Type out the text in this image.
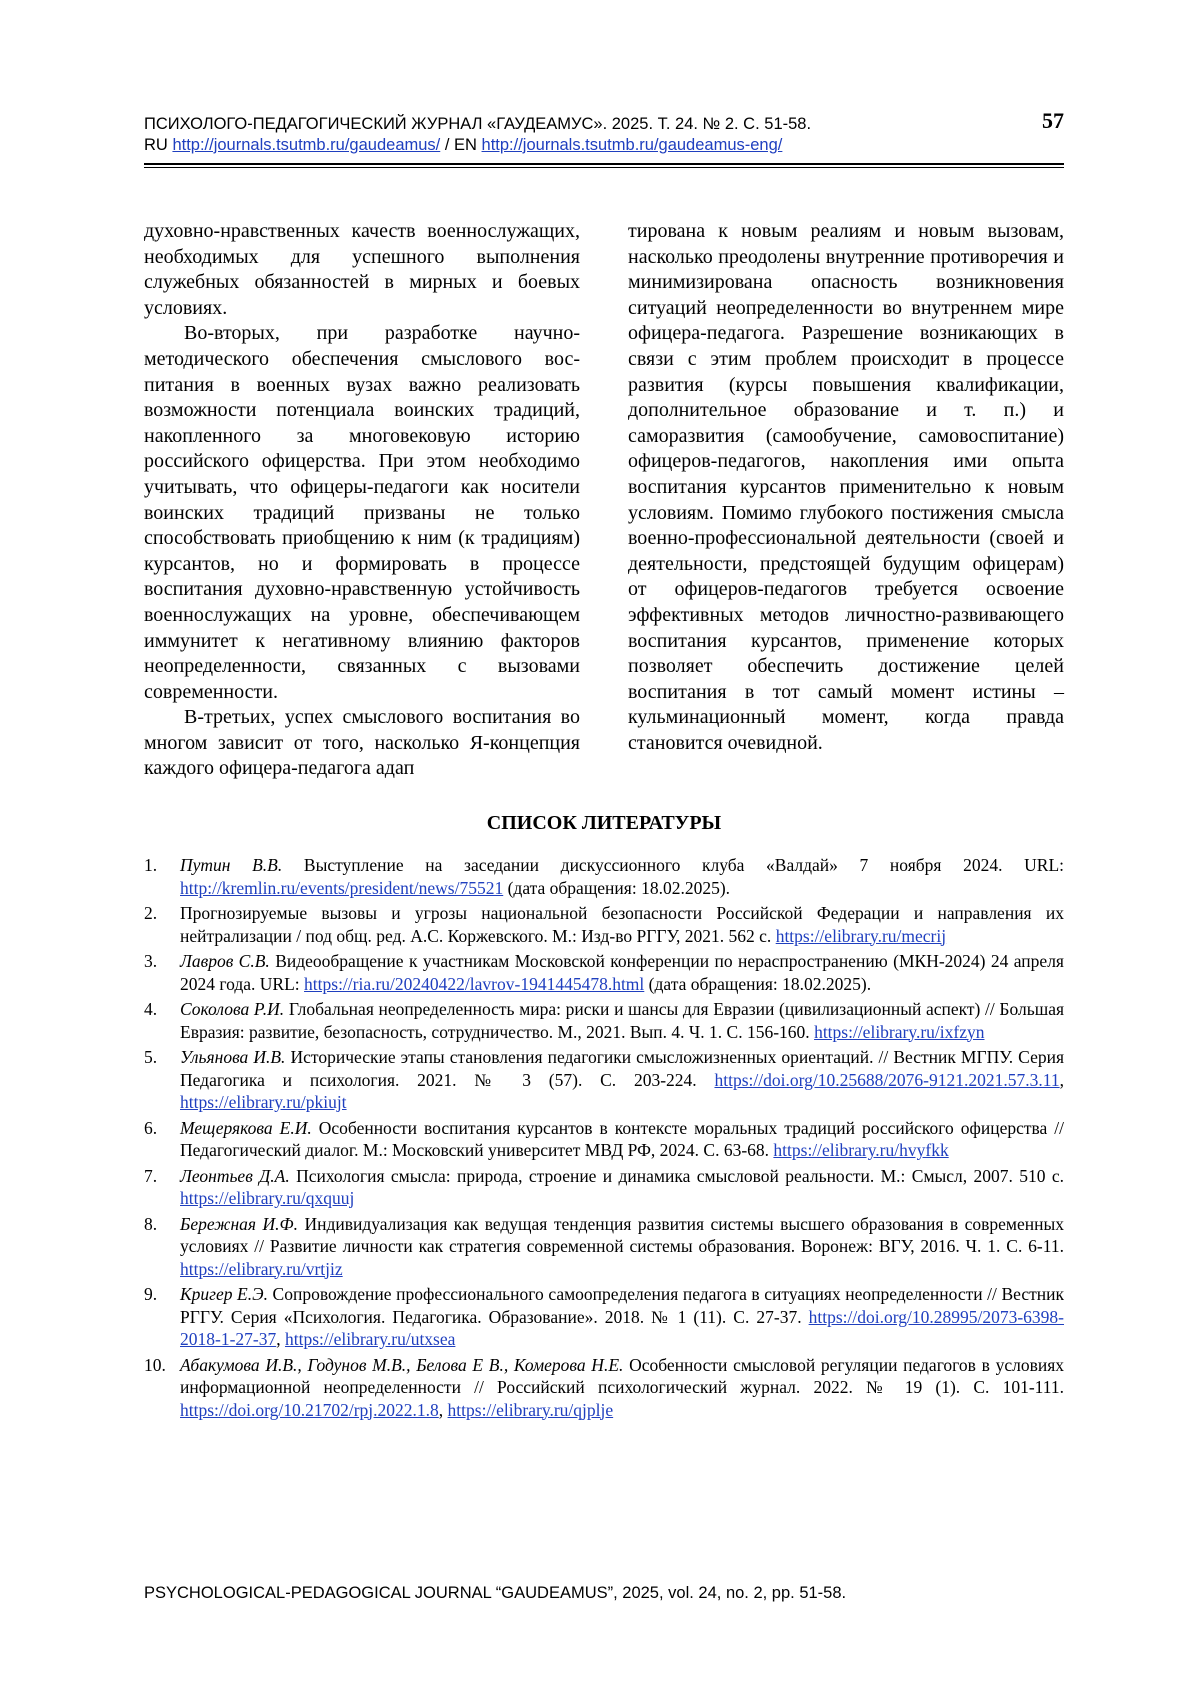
ПСИХОЛОГО-ПЕДАГОГИЧЕСКИЙ ЖУРНАЛ «ГАУДЕАМУС». 2025. Т. 24. № 2. С. 51-58.	57
RU http://journals.tsutmb.ru/gaudeamus/ / EN http://journals.tsutmb.ru/gaudeamus-eng/

духовно-нравственных качеств военнослужащих, необходимых для успешного выполнения служебных обязанностей в мирных и боевых условиях.

Во-вторых, при разработке научно-методического обеспечения смыслового воспитания в военных вузах важно реализовать возможности потенциала воинских традиций, накопленного за многовековую историю российского офицерства. При этом необходимо учитывать, что офицеры-педагоги как носители воинских традиций призваны не только способствовать приобщению к ним (к традициям) курсантов, но и формировать в процессе воспитания духовно-нравственную устойчивость военнослужащих на уровне, обеспечивающем иммунитет к негативному влиянию факторов неопределенности, связанных с вызовами современности.

В-третьих, успех смыслового воспитания во многом зависит от того, насколько Я-концепция каждого офицера-педагога адап

тирована к новым реалиям и новым вызовам, насколько преодолены внутренние противоречия и минимизирована опасность возникновения ситуаций неопределенности во внутреннем мире офицера-педагога. Разрешение возникающих в связи с этим проблем происходит в процессе развития (курсы повышения квалификации, дополнительное образование и т. п.) и саморазвития (самообучение, самовоспитание) офицеров-педагогов, накопления ими опыта воспитания курсантов применительно к новым условиям. Помимо глубокого постижения смысла военно-профессиональной деятельности (своей и деятельности, предстоящей будущим офицерам) от офицеров-педагогов требуется освоение эффективных методов личностно-развивающего воспитания курсантов, применение которых позволяет обеспечить достижение целей воспитания в тот самый момент истины – кульминационный момент, когда правда становится очевидной.

СПИСОК ЛИТЕРАТУРЫ
1.	Путин В.В. Выступление на заседании дискуссионного клуба «Валдай» 7 ноября 2024. URL: http://kremlin.ru/events/president/news/75521 (дата обращения: 18.02.2025).
2.	Прогнозируемые вызовы и угрозы национальной безопасности Российской Федерации и направления их нейтрализации / под общ. ред. А.С. Коржевского. М.: Изд-во РГГУ, 2021. 562 с. https://elibrary.ru/mecrij
3.	Лавров С.В. Видеообращение к участникам Московской конференции по нераспространению (МКН-2024) 24 апреля 2024 года. URL: https://ria.ru/20240422/lavrov-1941445478.html (дата обращения: 18.02.2025).
4.	Соколова Р.И. Глобальная неопределенность мира: риски и шансы для Евразии (цивилизационный аспект) // Большая Евразия: развитие, безопасность, сотрудничество. М., 2021. Вып. 4. Ч. 1. С. 156-160. https://elibrary.ru/ixfzyn
5.	Ульянова И.В. Исторические этапы становления педагогики смысложизненных ориентаций. // Вестник МГПУ. Серия Педагогика и психология. 2021. № 3 (57). С. 203-224. https://doi.org/10.25688/2076-9121.2021.57.3.11, https://elibrary.ru/pkiujt
6.	Мещерякова Е.И. Особенности воспитания курсантов в контексте моральных традиций российского офицерства // Педагогический диалог. М.: Московский университет МВД РФ, 2024. С. 63-68. https://elibrary.ru/hvyfkk
7.	Леонтьев Д.А. Психология смысла: природа, строение и динамика смысловой реальности. М.: Смысл, 2007. 510 с. https://elibrary.ru/qxquuj
8.	Бережная И.Ф. Индивидуализация как ведущая тенденция развития системы высшего образования в современных условиях // Развитие личности как стратегия современной системы образования. Воронеж: ВГУ, 2016. Ч. 1. С. 6-11. https://elibrary.ru/vrtjiz
9.	Кригер Е.Э. Сопровождение профессионального самоопределения педагога в ситуациях неопределенности // Вестник РГГУ. Серия «Психология. Педагогика. Образование». 2018. № 1 (11). С. 27-37. https://doi.org/10.28995/2073-6398-2018-1-27-37, https://elibrary.ru/utxsea
10. Абакумова И.В., Годунов М.В., Белова Е В., Комерова Н.Е. Особенности смысловой регуляции педагогов в условиях информационной неопределенности // Российский психологический журнал. 2022. № 19 (1). С. 101-111. https://doi.org/10.21702/rpj.2022.1.8, https://elibrary.ru/qjplje
PSYCHOLOGICAL-PEDAGOGICAL JOURNAL “GAUDEAMUS”, 2025, vol. 24, no. 2, pp. 51-58.
